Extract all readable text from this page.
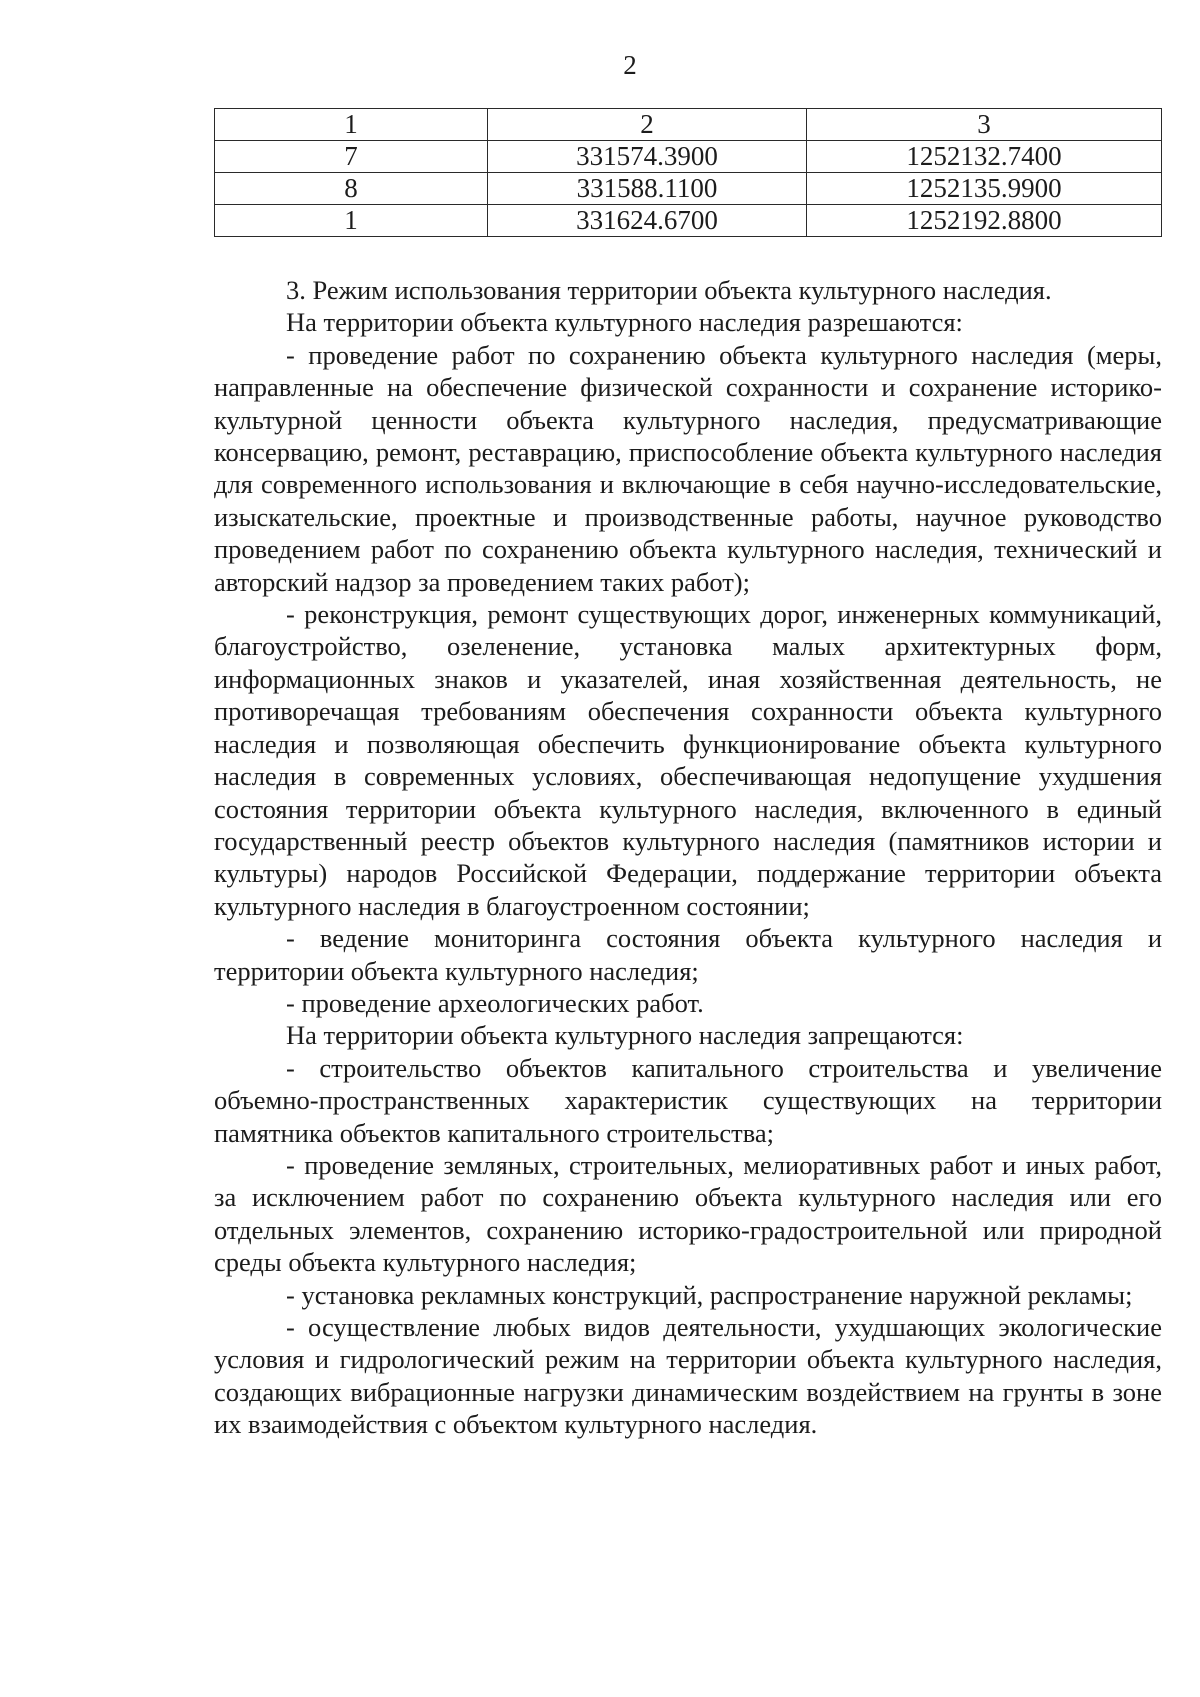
2
1	2	3
7	331574.3900	1252132.7400
8	331588.1100	1252135.9900
1	331624.6700	1252192.8800

3. Режим использования территории объекта культурного наследия.

На территории объекта культурного наследия разрешаются:

- проведение работ по сохранению объекта культурного наследия (меры, направленные на обеспечение физической сохранности и сохранение историко-культурной ценности объекта культурного наследия, предусматривающие консервацию, ремонт, реставрацию, приспособление объекта культурного наследия для современного использования и включающие в себя научно-исследовательские, изыскательские, проектные и производственные работы, научное руководство проведением работ по сохранению объекта культурного наследия, технический и авторский надзор за проведением таких работ);

- реконструкция, ремонт существующих дорог, инженерных коммуникаций, благоустройство, озеленение, установка малых архитектурных форм, информационных знаков и указателей, иная хозяйственная деятельность, не противоречащая требованиям обеспечения сохранности объекта культурного наследия и позволяющая обеспечить функционирование объекта культурного наследия в современных условиях, обеспечивающая недопущение ухудшения состояния территории объекта культурного наследия, включенного в единый государственный реестр объектов культурного наследия (памятников истории и культуры) народов Российской Федерации, поддержание территории объекта культурного наследия в благоустроенном состоянии;

- ведение мониторинга состояния объекта культурного наследия и территории объекта культурного наследия;

- проведение археологических работ.

На территории объекта культурного наследия запрещаются:

- строительство объектов капитального строительства и увеличение объемно-пространственных характеристик существующих на территории памятника объектов капитального строительства;

- проведение земляных, строительных, мелиоративных работ и иных работ, за исключением работ по сохранению объекта культурного наследия или его отдельных элементов, сохранению историко-градостроительной или природной среды объекта культурного наследия;

- установка рекламных конструкций, распространение наружной рекламы;

- осуществление любых видов деятельности, ухудшающих экологические условия и гидрологический режим на территории объекта культурного наследия, создающих вибрационные нагрузки динамическим воздействием на грунты в зоне их взаимодействия с объектом культурного наследия.
